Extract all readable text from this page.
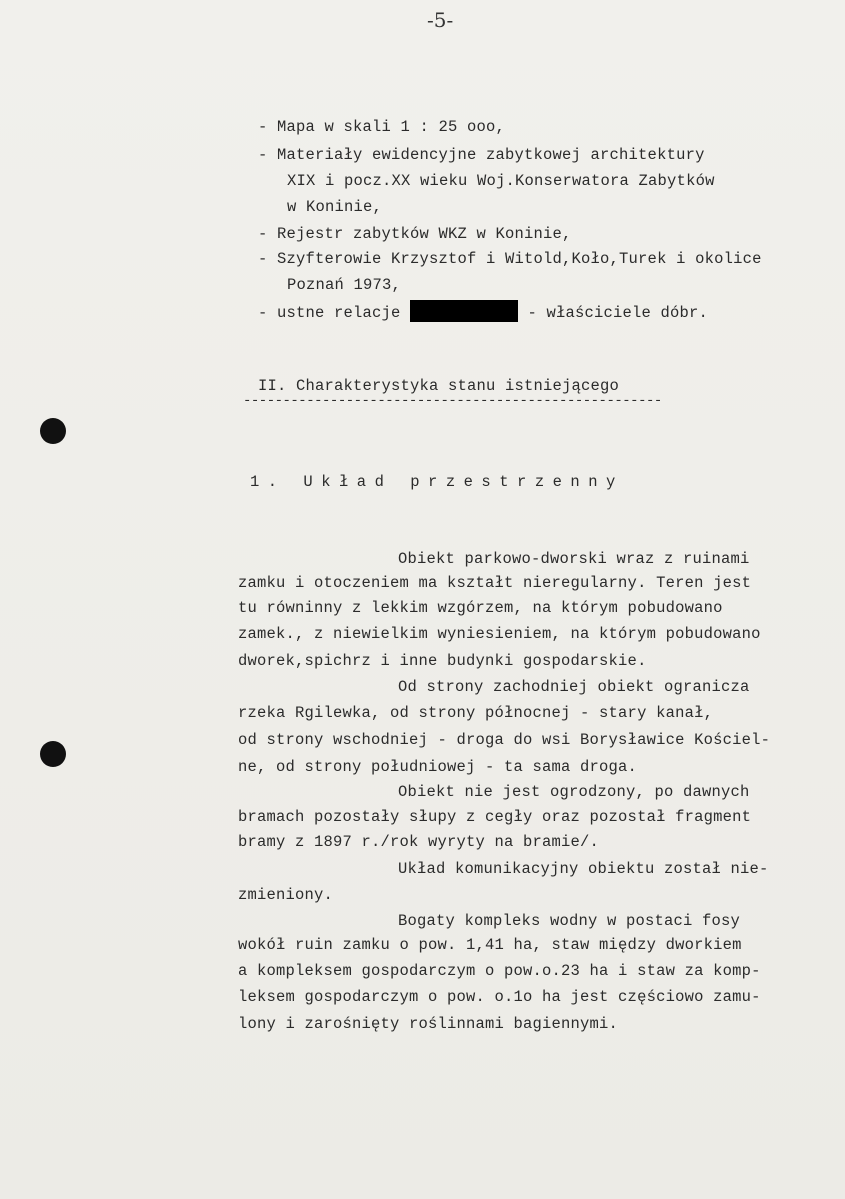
-5-
- Mapa w skali 1 : 25 ooo,
- Materiały ewidencyjne zabytkowej architektury
XIX i pocz.XX wieku Woj.Konserwatora Zabytków
w Koninie,
- Rejestr zabytków WKZ w Koninie,
- Szyfterowie Krzysztof i Witold,Koło,Turek i okolice
Poznań 1973,
- ustne relacje	- właściciele dóbr.
II. Charakterystyka stanu istniejącego
-----------------------------------------------------
1. Układ przestrzenny
Obiekt parkowo-dworski wraz z ruinami
zamku i otoczeniem ma kształt nieregularny. Teren jest
tu równinny z lekkim wzgórzem, na którym pobudowano
zamek., z niewielkim wyniesieniem, na którym pobudowano
dworek,spichrz i inne budynki gospodarskie.
Od strony zachodniej obiekt ogranicza
rzeka Rgilewka, od strony północnej - stary kanał,
od strony wschodniej - droga do wsi Borysławice Kościel-
ne, od strony południowej - ta sama droga.
Obiekt nie jest ogrodzony, po dawnych
bramach pozostały słupy z cegły oraz pozostał fragment
bramy z 1897 r./rok wyryty na bramie/.
Układ komunikacyjny obiektu został nie-
zmieniony.
Bogaty kompleks wodny w postaci fosy
wokół ruin zamku o pow. 1,41 ha, staw między dworkiem
a kompleksem gospodarczym o pow.o.23 ha i staw za komp-
leksem gospodarczym o pow. o.1o ha jest częściowo zamu-
lony i zarośnięty roślinnami bagiennymi.
